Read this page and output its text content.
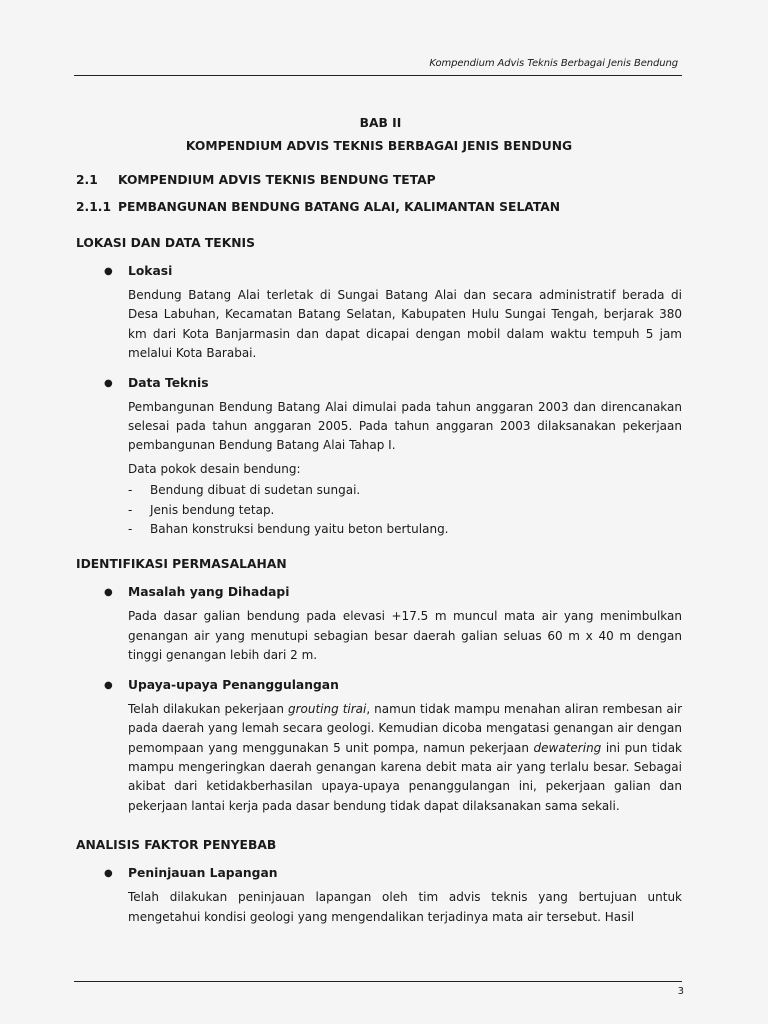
Kompendium Advis Teknis Berbagai Jenis Bendung
BAB II
KOMPENDIUM ADVIS TEKNIS BERBAGAI JENIS BENDUNG
2.1	KOMPENDIUM ADVIS TEKNIS BENDUNG TETAP
2.1.1 PEMBANGUNAN BENDUNG BATANG ALAI, KALIMANTAN SELATAN
LOKASI DAN DATA TEKNIS
●	Lokasi
Bendung Batang Alai terletak di Sungai Batang Alai dan secara administratif berada di Desa Labuhan, Kecamatan Batang Selatan, Kabupaten Hulu Sungai Tengah, berjarak 380 km dari Kota Banjarmasin dan dapat dicapai dengan mobil dalam waktu tempuh 5 jam melalui Kota Barabai.
●	Data Teknis
Pembangunan Bendung Batang Alai dimulai pada tahun anggaran 2003 dan direncanakan selesai pada tahun anggaran 2005. Pada tahun anggaran 2003 dilaksanakan pekerjaan pembangunan Bendung Batang Alai Tahap I.
Data pokok desain bendung:
-	Bendung dibuat di sudetan sungai.
-	Jenis bendung tetap.
-	Bahan konstruksi bendung yaitu beton bertulang.
IDENTIFIKASI PERMASALAHAN
●	Masalah yang Dihadapi
Pada dasar galian bendung pada elevasi +17.5 m muncul mata air yang menimbulkan genangan air yang menutupi sebagian besar daerah galian seluas 60 m x 40 m dengan tinggi genangan lebih dari 2 m.
●	Upaya-upaya Penanggulangan
Telah dilakukan pekerjaan grouting tirai, namun tidak mampu menahan aliran rembesan air pada daerah yang lemah secara geologi. Kemudian dicoba mengatasi genangan air dengan pemompaan yang menggunakan 5 unit pompa, namun pekerjaan dewatering ini pun tidak mampu mengeringkan daerah genangan karena debit mata air yang terlalu besar. Sebagai akibat dari ketidakberhasilan upaya-upaya penanggulangan ini, pekerjaan galian dan pekerjaan lantai kerja pada dasar bendung tidak dapat dilaksanakan sama sekali.
ANALISIS FAKTOR PENYEBAB
●	Peninjauan Lapangan
Telah dilakukan peninjauan lapangan oleh tim advis teknis yang bertujuan untuk mengetahui kondisi geologi yang mengendalikan terjadinya mata air tersebut. Hasil
3
